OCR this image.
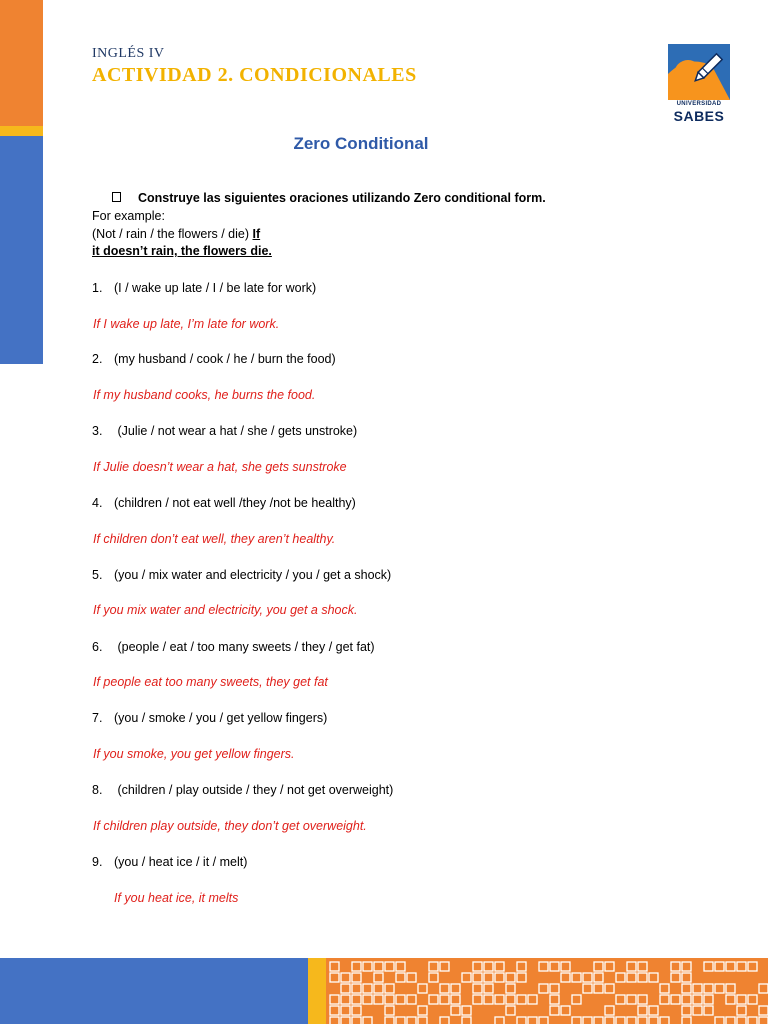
INGLÉS IV
ACTIVIDAD 2. CONDICIONALES
UNIVERSIDAD
SABES
Zero Conditional
Construye las siguientes oraciones utilizando Zero conditional form.
For example:
(Not / rain / the flowers / die) If
it doesn’t rain, the flowers die.
1. (I / wake up late / I / be late for work)
If I wake up late, I’m late for work.
2. (my husband / cook / he / burn the food)
If my husband cooks, he burns the food.
3. (Julie / not wear a hat / she / gets unstroke)
If Julie doesn’t wear a hat, she gets sunstroke
4. (children / not eat well /they /not be healthy)
If children don’t eat well, they aren’t healthy.
5. (you / mix water and electricity / you / get a shock)
If you mix water and electricity, you get a shock.
6. (people / eat / too many sweets / they / get fat)
If people eat too many sweets, they get fat
7. (you / smoke / you / get yellow fingers)
If you smoke, you get yellow fingers.
8. (children / play outside / they / not get overweight)
If children play outside, they don’t get overweight.
9. (you / heat ice / it / melt)
If you heat ice, it melts
